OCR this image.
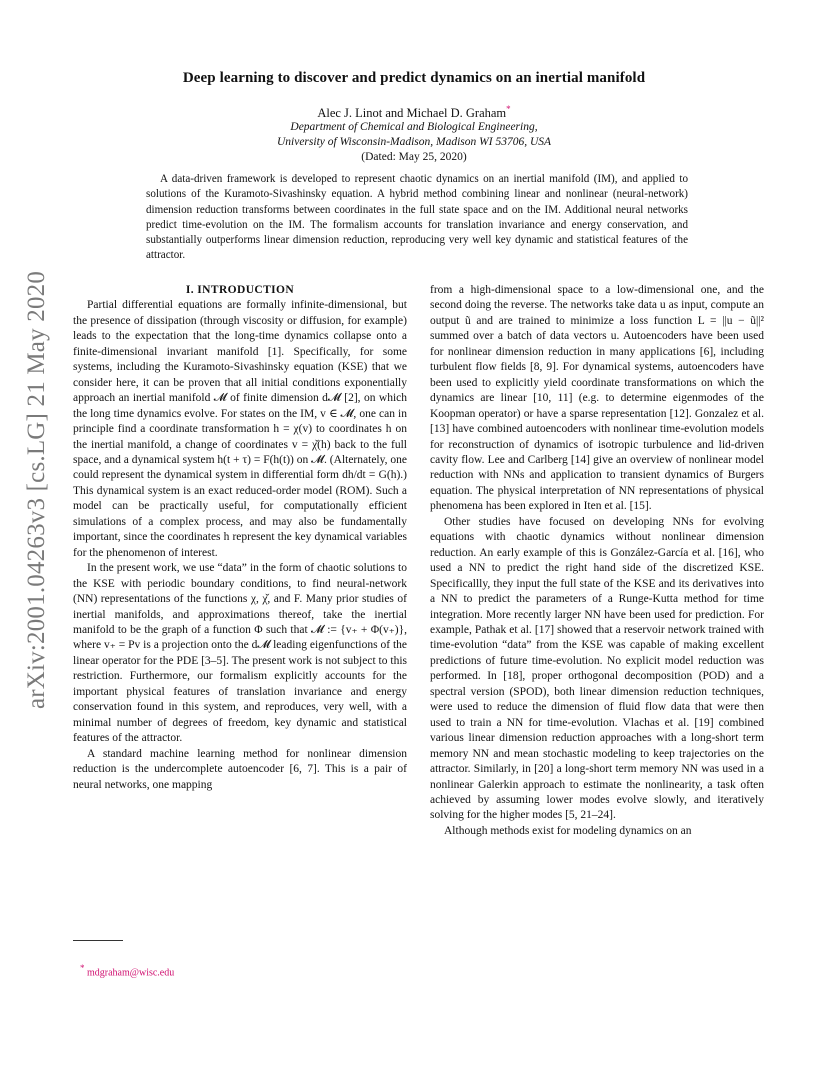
arXiv:2001.04263v3 [cs.LG] 21 May 2020
Deep learning to discover and predict dynamics on an inertial manifold
Alec J. Linot and Michael D. Graham*
Department of Chemical and Biological Engineering,
University of Wisconsin-Madison, Madison WI 53706, USA
(Dated: May 25, 2020)
A data-driven framework is developed to represent chaotic dynamics on an inertial manifold (IM), and applied to solutions of the Kuramoto-Sivashinsky equation. A hybrid method combining linear and nonlinear (neural-network) dimension reduction transforms between coordinates in the full state space and on the IM. Additional neural networks predict time-evolution on the IM. The formalism accounts for translation invariance and energy conservation, and substantially outperforms linear dimension reduction, reproducing very well key dynamic and statistical features of the attractor.

I. INTRODUCTION

Partial differential equations are formally infinite-dimensional, but the presence of dissipation (through viscosity or diffusion, for example) leads to the expectation that the long-time dynamics collapse onto a finite-dimensional invariant manifold [1]. Specifically, for some systems, including the Kuramoto-Sivashinsky equation (KSE) that we consider here, it can be proven that all initial conditions exponentially approach an inertial manifold 𝓜 of finite dimension d𝓜 [2], on which the long time dynamics evolve. For states on the IM, v ∈ 𝓜, one can in principle find a coordinate transformation h = χ(v) to coordinates h on the inertial manifold, a change of coordinates v = χ̌(h) back to the full space, and a dynamical system h(t + τ) = F(h(t)) on 𝓜. (Alternately, one could represent the dynamical system in differential form dh/dt = G(h).) This dynamical system is an exact reduced-order model (ROM). Such a model can be practically useful, for computationally efficient simulations of a complex process, and may also be fundamentally important, since the coordinates h represent the key dynamical variables for the phenomenon of interest.

In the present work, we use “data” in the form of chaotic solutions to the KSE with periodic boundary conditions, to find neural-network (NN) representations of the functions χ, χ̌, and F. Many prior studies of inertial manifolds, and approximations thereof, take the inertial manifold to be the graph of a function Φ such that 𝓜 := {v₊ + Φ(v₊)}, where v₊ = Pv is a projection onto the d𝓜 leading eigenfunctions of the linear operator for the PDE [3–5]. The present work is not subject to this restriction. Furthermore, our formalism explicitly accounts for the important physical features of translation invariance and energy conservation found in this system, and reproduces, very well, with a minimal number of degrees of freedom, key dynamic and statistical features of the attractor.

A standard machine learning method for nonlinear dimension reduction is the undercomplete autoencoder [6, 7]. This is a pair of neural networks, one mapping

from a high-dimensional space to a low-dimensional one, and the second doing the reverse. The networks take data u as input, compute an output ũ and are trained to minimize a loss function L = ||u − ũ||² summed over a batch of data vectors u. Autoencoders have been used for nonlinear dimension reduction in many applications [6], including turbulent flow fields [8, 9]. For dynamical systems, autoencoders have been used to explicitly yield coordinate transformations on which the dynamics are linear [10, 11] (e.g. to determine eigenmodes of the Koopman operator) or have a sparse representation [12]. Gonzalez et al. [13] have combined autoencoders with nonlinear time-evolution models for reconstruction of dynamics of isotropic turbulence and lid-driven cavity flow. Lee and Carlberg [14] give an overview of nonlinear model reduction with NNs and application to transient dynamics of Burgers equation. The physical interpretation of NN representations of physical phenomena has been explored in Iten et al. [15].

Other studies have focused on developing NNs for evolving equations with chaotic dynamics without nonlinear dimension reduction. An early example of this is González-García et al. [16], who used a NN to predict the right hand side of the discretized KSE. Specificallly, they input the full state of the KSE and its derivatives into a NN to predict the parameters of a Runge-Kutta method for time integration. More recently larger NN have been used for prediction. For example, Pathak et al. [17] showed that a reservoir network trained with time-evolution “data” from the KSE was capable of making excellent predictions of future time-evolution. No explicit model reduction was performed. In [18], proper orthogonal decomposition (POD) and a spectral version (SPOD), both linear dimension reduction techniques, were used to reduce the dimension of fluid flow data that were then used to train a NN for time-evolution. Vlachas et al. [19] combined various linear dimension reduction approaches with a long-short term memory NN and mean stochastic modeling to keep trajectories on the attractor. Similarly, in [20] a long-short term memory NN was used in a nonlinear Galerkin approach to estimate the nonlinearity, a task often achieved by assuming lower modes evolve slowly, and iteratively solving for the higher modes [5, 21–24].

Although methods exist for modeling dynamics on an

* mdgraham@wisc.edu
